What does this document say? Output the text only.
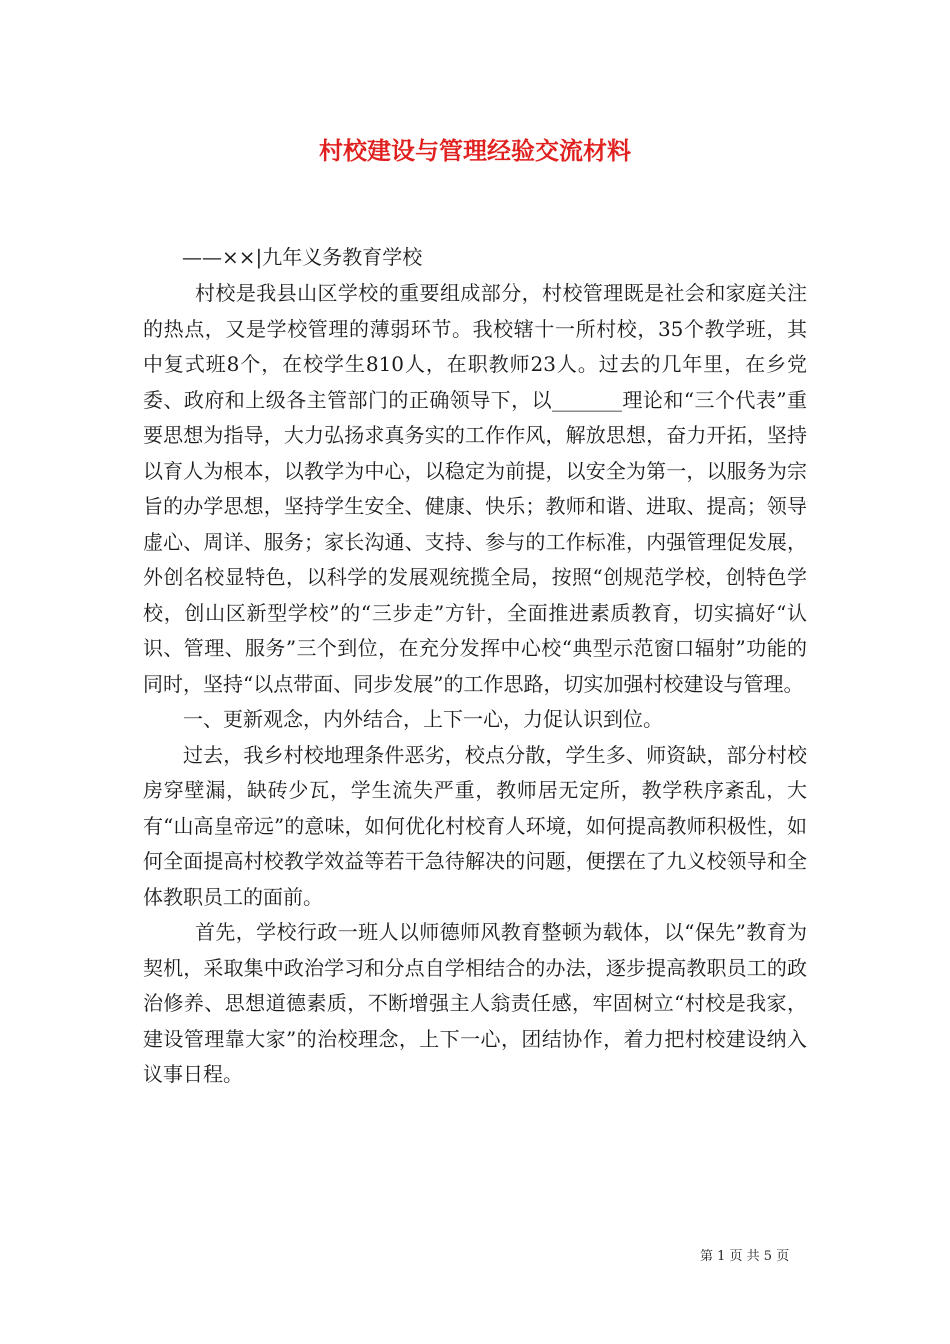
村校建设与管理经验交流材料
——××|九年义务教育学校

村校是我县山区学校的重要组成部分，村校管理既是社会和家庭关注的热点，又是学校管理的薄弱环节。我校辖十一所村校，35个教学班，其中复式班8个，在校学生810人，在职教师23人。过去的几年里，在乡党委、政府和上级各主管部门的正确领导下，以_______理论和“三个代表”重要思想为指导，大力弘扬求真务实的工作作风，解放思想，奋力开拓，坚持以育人为根本，以教学为中心，以稳定为前提，以安全为第一，以服务为宗旨的办学思想，坚持学生安全、健康、快乐；教师和谐、进取、提高；领导虚心、周详、服务；家长沟通、支持、参与的工作标准，内强管理促发展，外创名校显特色，以科学的发展观统揽全局，按照“创规范学校，创特色学校，创山区新型学校”的“三步走”方针，全面推进素质教育，切实搞好“认识、管理、服务”三个到位，在充分发挥中心校“典型示范窗口辐射”功能的同时，坚持“以点带面、同步发展”的工作思路，切实加强村校建设与管理。

一、更新观念，内外结合，上下一心，力促认识到位。

过去，我乡村校地理条件恶劣，校点分散，学生多、师资缺，部分村校房穿壁漏，缺砖少瓦，学生流失严重，教师居无定所，教学秩序紊乱，大有“山高皇帝远”的意味，如何优化村校育人环境，如何提高教师积极性，如何全面提高村校教学效益等若干急待解决的问题，便摆在了九义校领导和全体教职员工的面前。

首先，学校行政一班人以师德师风教育整顿为载体，以“保先”教育为契机，采取集中政治学习和分点自学相结合的办法，逐步提高教职员工的政治修养、思想道德素质，不断增强主人翁责任感，牢固树立“村校是我家，建设管理靠大家”的治校理念，上下一心，团结协作，着力把村校建设纳入议事日程。

第 1 页 共 5 页
